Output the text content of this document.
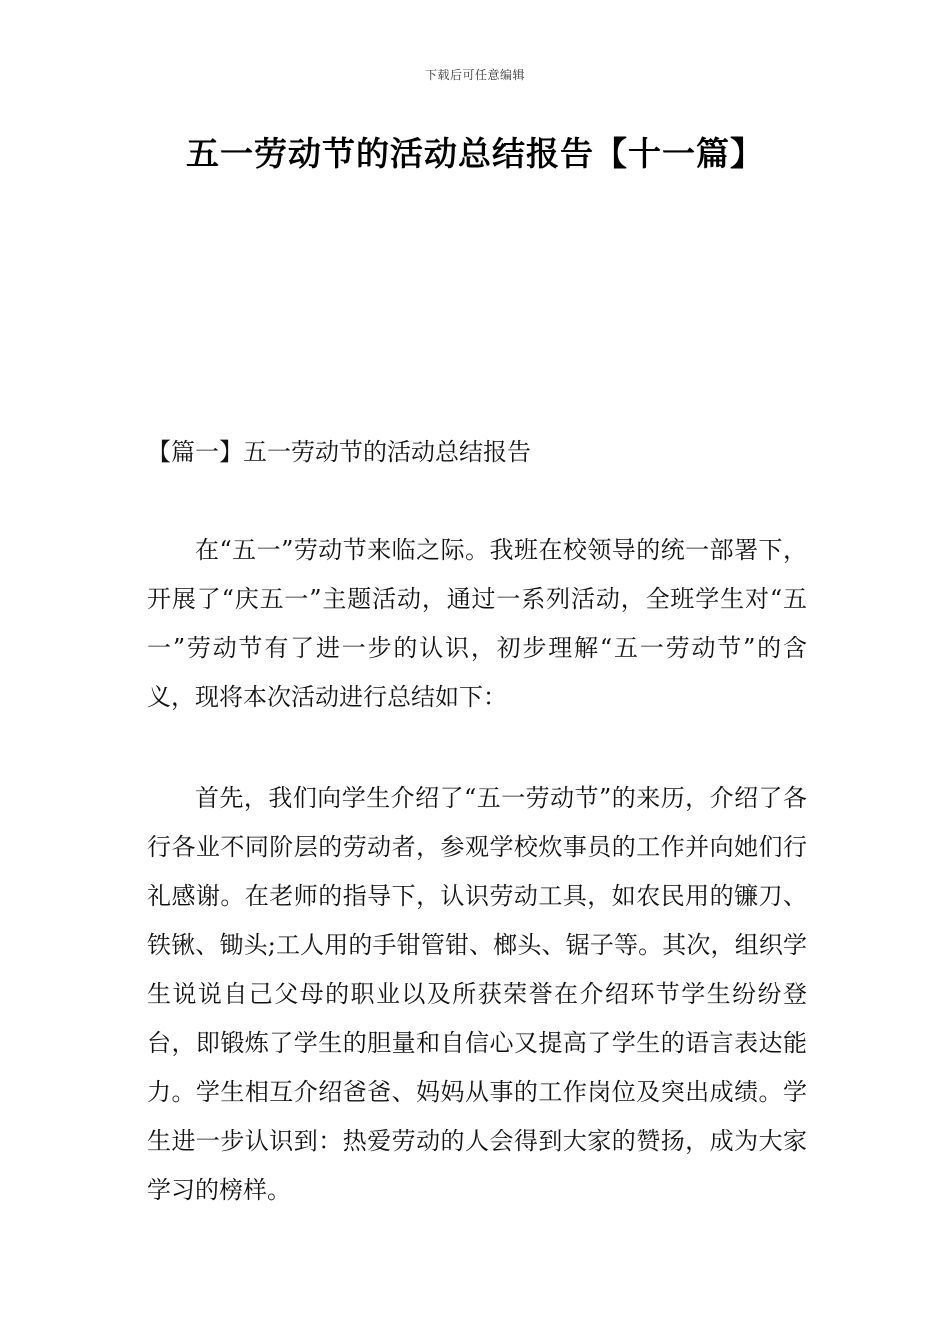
下载后可任意编辑
五一劳动节的活动总结报告【十一篇】
【篇一】五一劳动节的活动总结报告

在“五一”劳动节来临之际。我班在校领导的统一部署下，开展了“庆五一”主题活动，通过一系列活动，全班学生对“五一”劳动节有了进一步的认识，初步理解“五一劳动节”的含义，现将本次活动进行总结如下：

首先，我们向学生介绍了“五一劳动节”的来历，介绍了各行各业不同阶层的劳动者，参观学校炊事员的工作并向她们行礼感谢。在老师的指导下，认识劳动工具，如农民用的镰刀、铁锹、锄头;工人用的手钳管钳、榔头、锯子等。其次，组织学生说说自己父母的职业以及所获荣誉在介绍环节学生纷纷登台，即锻炼了学生的胆量和自信心又提高了学生的语言表达能力。学生相互介绍爸爸、妈妈从事的工作岗位及突出成绩。学生进一步认识到：热爱劳动的人会得到大家的赞扬，成为大家学习的榜样。
